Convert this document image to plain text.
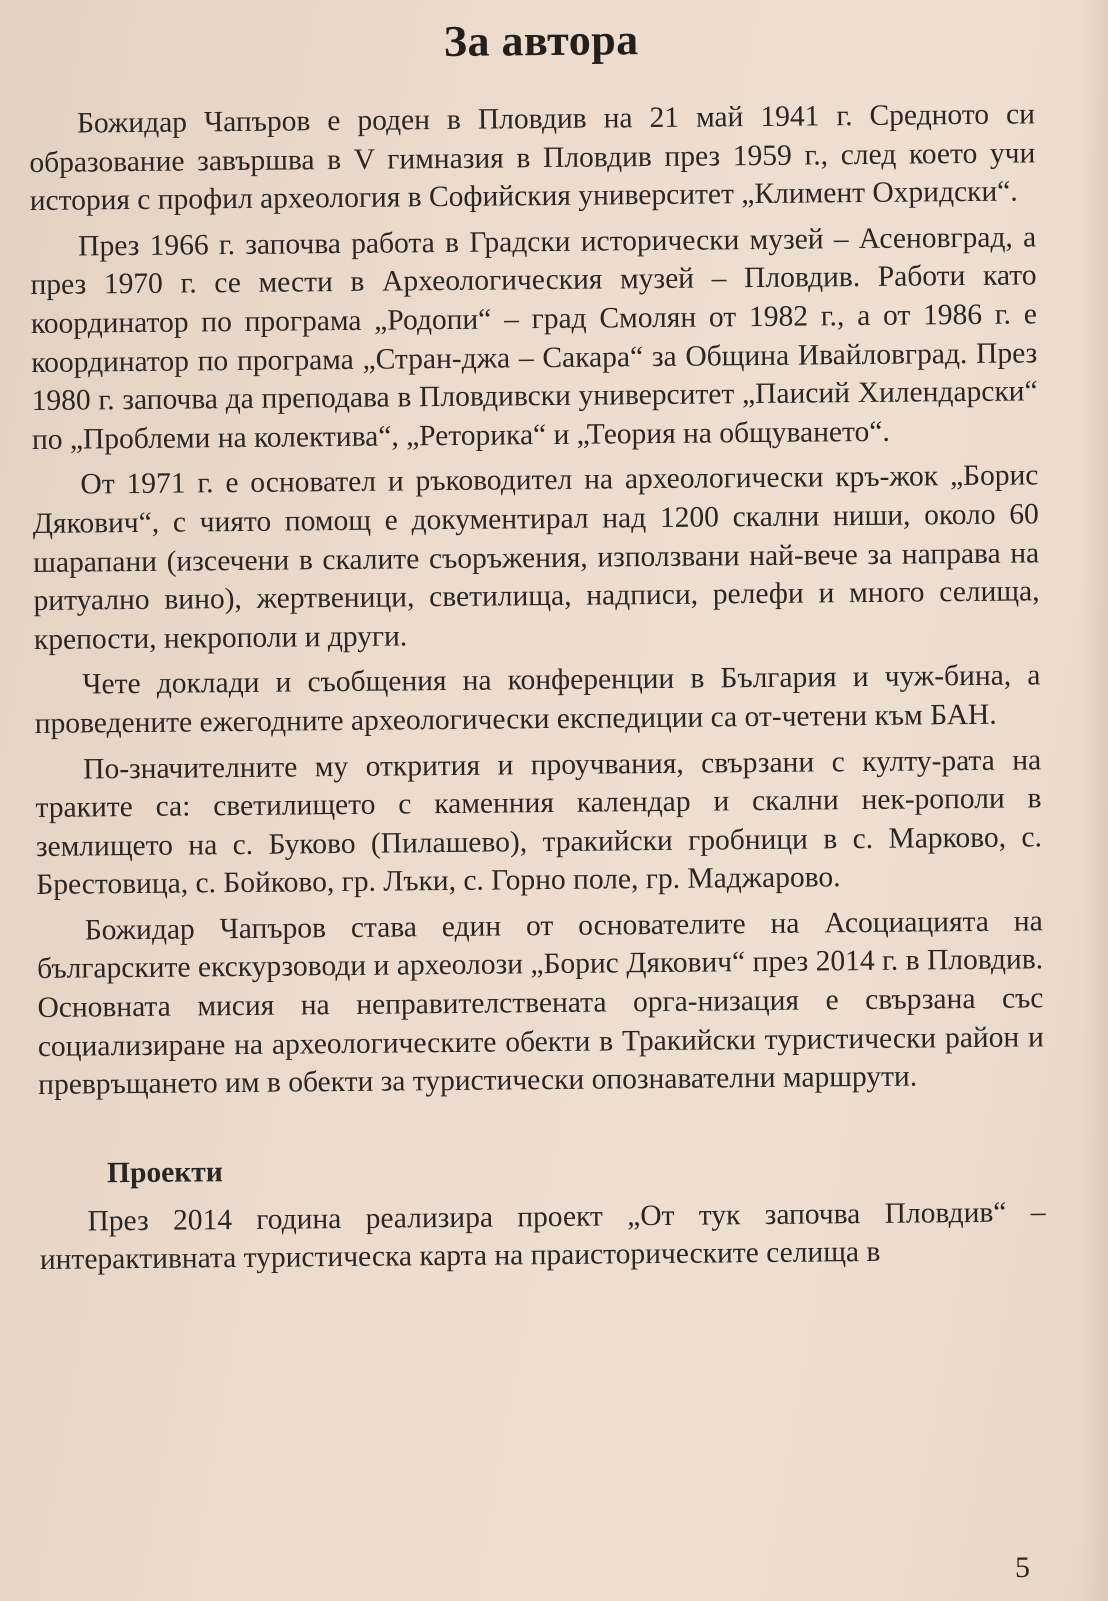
За автора

Божидар Чапъров е роден в Пловдив на 21 май 1941 г. Средното си образование завършва в V гимназия в Пловдив през 1959 г., след което учи история с профил археология в Софийския университет „Климент Охридски“.

През 1966 г. започва работа в Градски исторически музей – Асеновград, а през 1970 г. се мести в Археологическия музей – Пловдив. Работи като координатор по програма „Родопи“ – град Смолян от 1982 г., а от 1986 г. е координатор по програма „Стран-джа – Сакара“ за Община Ивайловград. През 1980 г. започва да преподава в Пловдивски университет „Паисий Хилендарски“ по „Проблеми на колектива“, „Реторика“ и „Теория на общуването“.

От 1971 г. е основател и ръководител на археологически кръ-жок „Борис Дякович“, с чиято помощ е документирал над 1200 скални ниши, около 60 шарапани (изсечени в скалите съоръжения, използвани най-вече за направа на ритуално вино), жертвеници, светилища, надписи, релефи и много селища, крепости, некрополи и други.

Чете доклади и съобщения на конференции в България и чуж-бина, а проведените ежегодните археологически експедиции са от-четени към БАН.

По-значителните му открития и проучвания, свързани с култу-рата на траките са: светилището с каменния календар и скални нек-рополи в землището на с. Буково (Пилашево), тракийски гробници в с. Марково, с. Брестовица, с. Бойково, гр. Лъки, с. Горно поле, гр. Маджарово.

Божидар Чапъров става един от основателите на Асоциацията на българските екскурзоводи и археолози „Борис Дякович“ през 2014 г. в Пловдив. Основната мисия на неправителствената орга-низация е свързана със социализиране на археологическите обекти в Тракийски туристически район и превръщането им в обекти за туристически опознавателни маршрути.

Проекти

През 2014 година реализира проект „От тук започва Пловдив“ – интерактивната туристическа карта на праисторическите селища в

5
